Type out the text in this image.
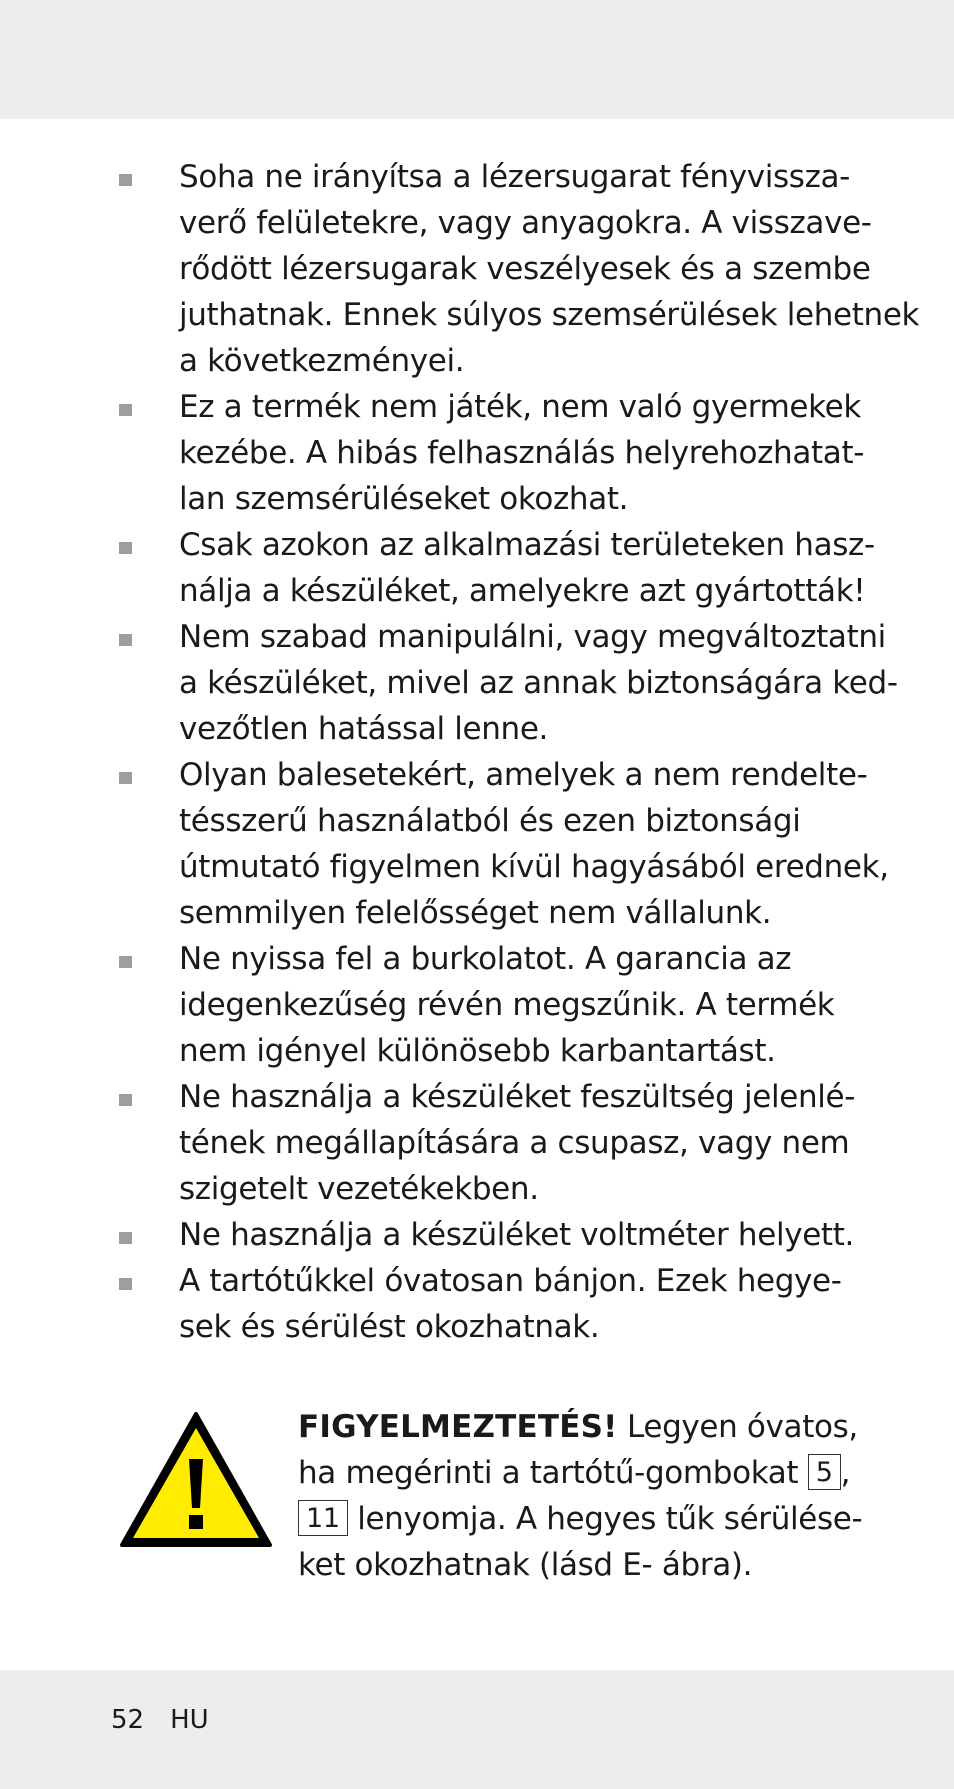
Soha ne irányítsa a lézersugarat fényvissza-
verő felületekre, vagy anyagokra. A visszave-
rődött lézersugarak veszélyesek és a szembe
juthatnak. Ennek súlyos szemsérülések lehetnek
a következményei.
Ez a termék nem játék, nem való gyermekek
kezébe. A hibás felhasználás helyrehozhatat-
lan szemsérüléseket okozhat.
Csak azokon az alkalmazási területeken hasz-
nálja a készüléket, amelyekre azt gyártották!
Nem szabad manipulálni, vagy megváltoztatni
a készüléket, mivel az annak biztonságára ked-
vezőtlen hatással lenne.
Olyan balesetekért, amelyek a nem rendelte-
tésszerű használatból és ezen biztonsági
útmutató figyelmen kívül hagyásából erednek,
semmilyen felelősséget nem vállalunk.
Ne nyissa fel a burkolatot. A garancia az
idegenkezűség révén megszűnik. A termék
nem igényel különösebb karbantartást.
Ne használja a készüléket feszültség jelenlé-
tének megállapítására a csupasz, vagy nem
szigetelt vezetékekben.
Ne használja a készüléket voltméter helyett.
A tartótűkkel óvatosan bánjon. Ezek hegye-
sek és sérülést okozhatnak.
FIGYELMEZTETÉS! Legyen óvatos,
ha megérinti a tartótű-gombokat 5 ,
11 lenyomja. A hegyes tűk sérülése-
ket okozhatnak (lásd E- ábra).
52 HU
